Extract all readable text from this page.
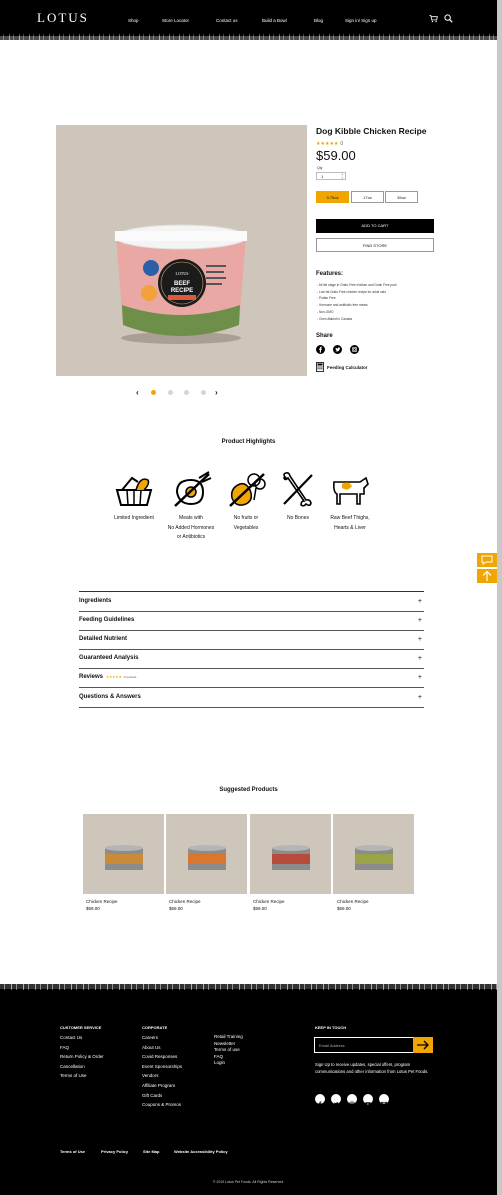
LOTUS	Shop	Store Locator	Contact us	Build a Bowl	Blog	Sign in/ Sign up
LOTUS
BEEF
RECIPE
‹	›
Dog Kibble Chicken Recipe
★★★★★ 0
$59.00
Qty
1	▴
▾
3.75oz	17oz	35oz
ADD TO CART
FIND STORE
Features:
- All life stage in Grain-Free chicken and Grain Free pork
- Low fat Grain-Free chicken recipe for adult cats
- Potato Free
- Hormone and antibiotic free meats
- Non-GMO
- Oven-Baked in Canada
Share
Feeding Calculator
Product Highlights
Limited Ingredient	Meats with
No Added Hormones
or Antibiotics
No fruits or
Vegetables
No Bones	Raw Beef Thighs,
Hearts & Liver
Ingredients	+
Feeding Guidelines	+
Detailed Nutrient	+
Guaranteed Analysis	+
Reviews ★★★★★ 0 reviews	+
Questions & Answers	+
Suggested Products
Chicken Recipe
$59.00
Chicken Recipe
$59.00
Chicken Recipe
$59.00
Chicken Recipe
$59.00
CUSTOMER SERVICE
Contact Us
FAQ
Return Policy & Order
Cancellation
Terms of Use
CORPORATE
Careers
About Us
Covid Responses
Event Sponsorships
Vendors
Affiliate Program
Gift Cards
Coupons & Promos
Retail Training
Newsletter
Terms of use
FAQ
Login
KEEP IN TOUCH
Email Address
Sign Up to receive updates, special offers, program communications and other information from Lotus Pet Foods.
Terms of Use	Privacy Policy	Site Map	Website Accessibility Policy
© 2019 Lotus Pet Foods. All Rights Reserved.
